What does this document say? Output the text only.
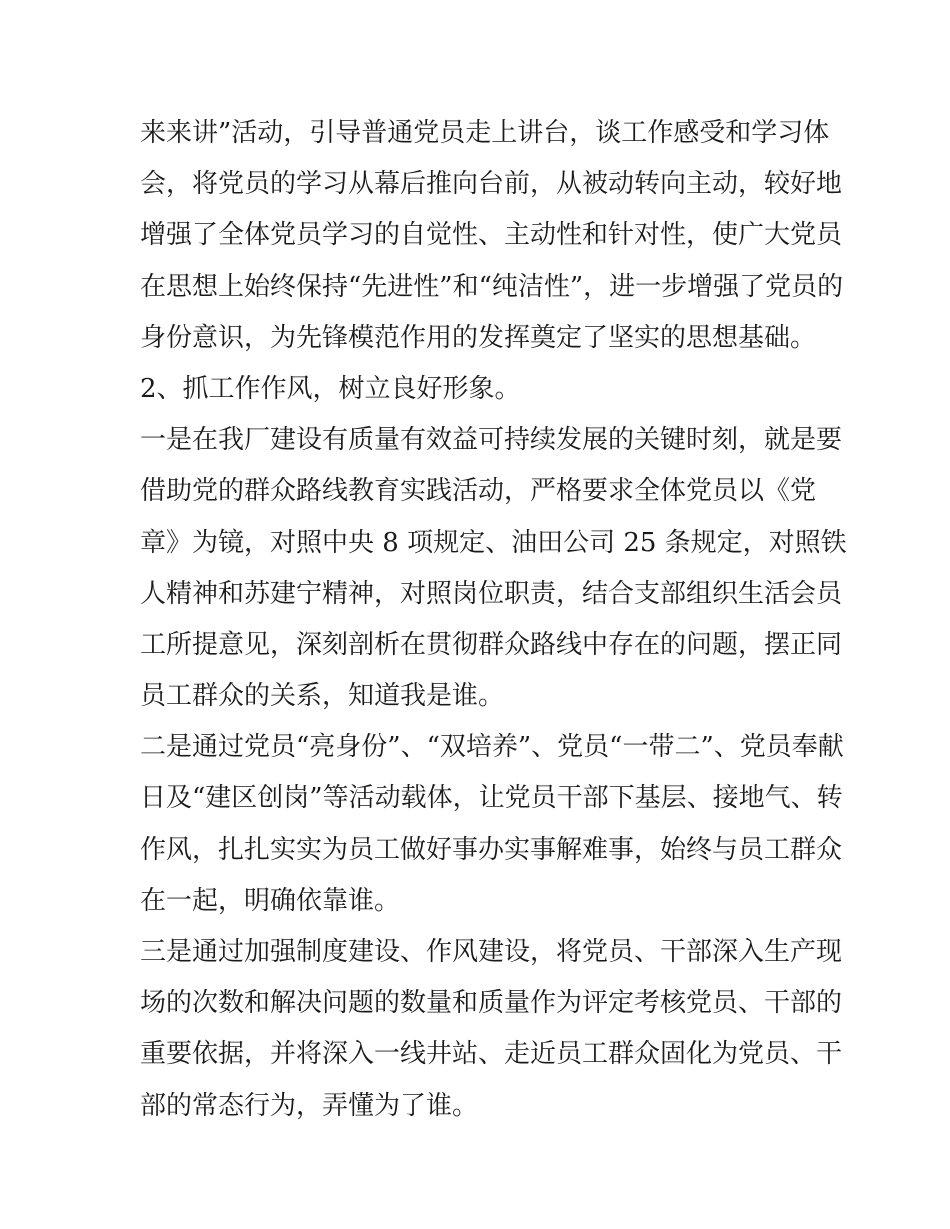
来来讲”活动，引导普通党员走上讲台，谈工作感受和学习体
会，将党员的学习从幕后推向台前，从被动转向主动，较好地
增强了全体党员学习的自觉性、主动性和针对性，使广大党员
在思想上始终保持“先进性”和“纯洁性”，进一步增强了党员的
身份意识，为先锋模范作用的发挥奠定了坚实的思想基础。
2、抓工作作风，树立良好形象。
一是在我厂建设有质量有效益可持续发展的关键时刻，就是要
借助党的群众路线教育实践活动，严格要求全体党员以《党
章》为镜，对照中央 8 项规定、油田公司 25 条规定，对照铁
人精神和苏建宁精神，对照岗位职责，结合支部组织生活会员
工所提意见，深刻剖析在贯彻群众路线中存在的问题，摆正同
员工群众的关系，知道我是谁。
二是通过党员“亮身份”、“双培养”、党员“一带二”、党员奉献
日及“建区创岗”等活动载体，让党员干部下基层、接地气、转
作风，扎扎实实为员工做好事办实事解难事，始终与员工群众
在一起，明确依靠谁。
三是通过加强制度建设、作风建设，将党员、干部深入生产现
场的次数和解决问题的数量和质量作为评定考核党员、干部的
重要依据，并将深入一线井站、走近员工群众固化为党员、干
部的常态行为，弄懂为了谁。
